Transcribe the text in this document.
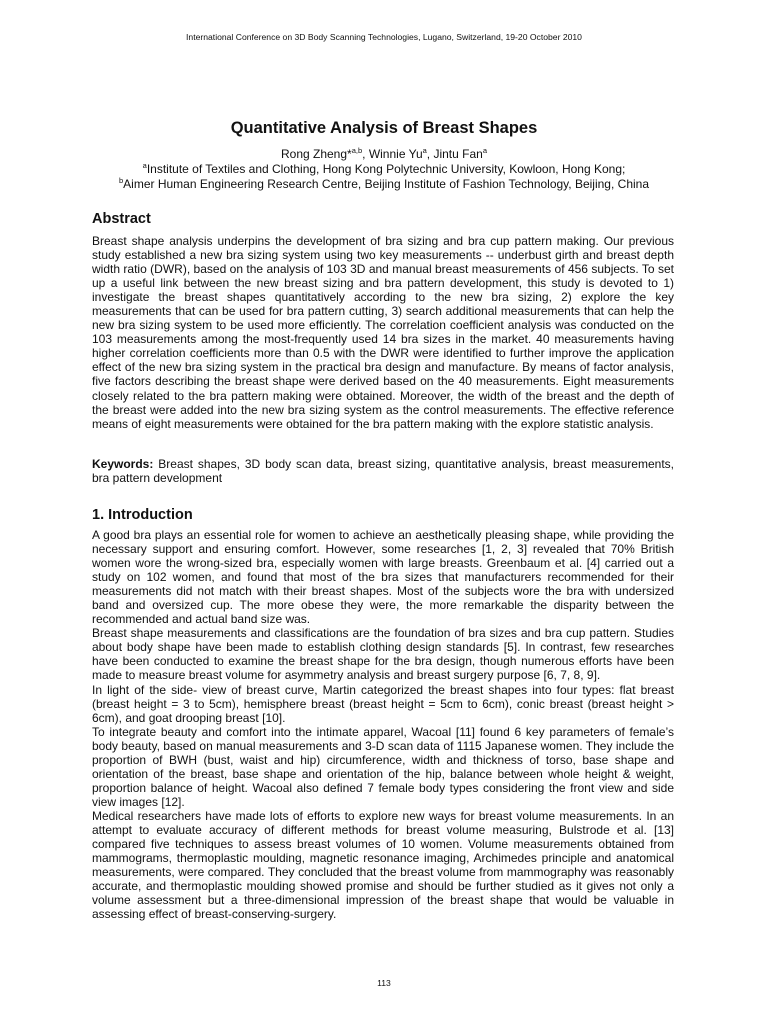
International Conference on 3D Body Scanning Technologies, Lugano, Switzerland, 19-20 October 2010
Quantitative Analysis of Breast Shapes
Rong Zheng*$^{a,b}$, Winnie Yu$^a$, Jintu Fan$^a$
$^a$Institute of Textiles and Clothing, Hong Kong Polytechnic University, Kowloon, Hong Kong;
$^b$Aimer Human Engineering Research Centre, Beijing Institute of Fashion Technology, Beijing, China
Abstract
Breast shape analysis underpins the development of bra sizing and bra cup pattern making. Our previous study established a new bra sizing system using two key measurements -- underbust girth and breast depth width ratio (DWR), based on the analysis of 103 3D and manual breast measurements of 456 subjects. To set up a useful link between the new breast sizing and bra pattern development, this study is devoted to 1) investigate the breast shapes quantitatively according to the new bra sizing, 2) explore the key measurements that can be used for bra pattern cutting, 3) search additional measurements that can help the new bra sizing system to be used more efficiently. The correlation coefficient analysis was conducted on the 103 measurements among the most-frequently used 14 bra sizes in the market. 40 measurements having higher correlation coefficients more than 0.5 with the DWR were identified to further improve the application effect of the new bra sizing system in the practical bra design and manufacture. By means of factor analysis, five factors describing the breast shape were derived based on the 40 measurements. Eight measurements closely related to the bra pattern making were obtained. Moreover, the width of the breast and the depth of the breast were added into the new bra sizing system as the control measurements. The effective reference means of eight measurements were obtained for the bra pattern making with the explore statistic analysis.
Keywords: Breast shapes, 3D body scan data, breast sizing, quantitative analysis, breast measurements, bra pattern development
1. Introduction

A good bra plays an essential role for women to achieve an aesthetically pleasing shape, while providing the necessary support and ensuring comfort. However, some researches [1, 2, 3] revealed that 70% British women wore the wrong-sized bra, especially women with large breasts. Greenbaum et al. [4] carried out a study on 102 women, and found that most of the bra sizes that manufacturers recommended for their measurements did not match with their breast shapes. Most of the subjects wore the bra with undersized band and oversized cup. The more obese they were, the more remarkable the disparity between the recommended and actual band size was.

Breast shape measurements and classifications are the foundation of bra sizes and bra cup pattern. Studies about body shape have been made to establish clothing design standards [5]. In contrast, few researches have been conducted to examine the breast shape for the bra design, though numerous efforts have been made to measure breast volume for asymmetry analysis and breast surgery purpose [6, 7, 8, 9].

In light of the side- view of breast curve, Martin categorized the breast shapes into four types: flat breast (breast height = 3 to 5cm), hemisphere breast (breast height = 5cm to 6cm), conic breast (breast height > 6cm), and goat drooping breast [10].

To integrate beauty and comfort into the intimate apparel, Wacoal [11] found 6 key parameters of female’s body beauty, based on manual measurements and 3-D scan data of 1115 Japanese women. They include the proportion of BWH (bust, waist and hip) circumference, width and thickness of torso, base shape and orientation of the breast, base shape and orientation of the hip, balance between whole height & weight, proportion balance of height. Wacoal also defined 7 female body types considering the front view and side view images [12].

Medical researchers have made lots of efforts to explore new ways for breast volume measurements. In an attempt to evaluate accuracy of different methods for breast volume measuring, Bulstrode et al. [13] compared five techniques to assess breast volumes of 10 women. Volume measurements obtained from mammograms, thermoplastic moulding, magnetic resonance imaging, Archimedes principle and anatomical measurements, were compared. They concluded that the breast volume from mammography was reasonably accurate, and thermoplastic moulding showed promise and should be further studied as it gives not only a volume assessment but a three-dimensional impression of the breast shape that would be valuable in assessing effect of breast-conserving-surgery.

113
